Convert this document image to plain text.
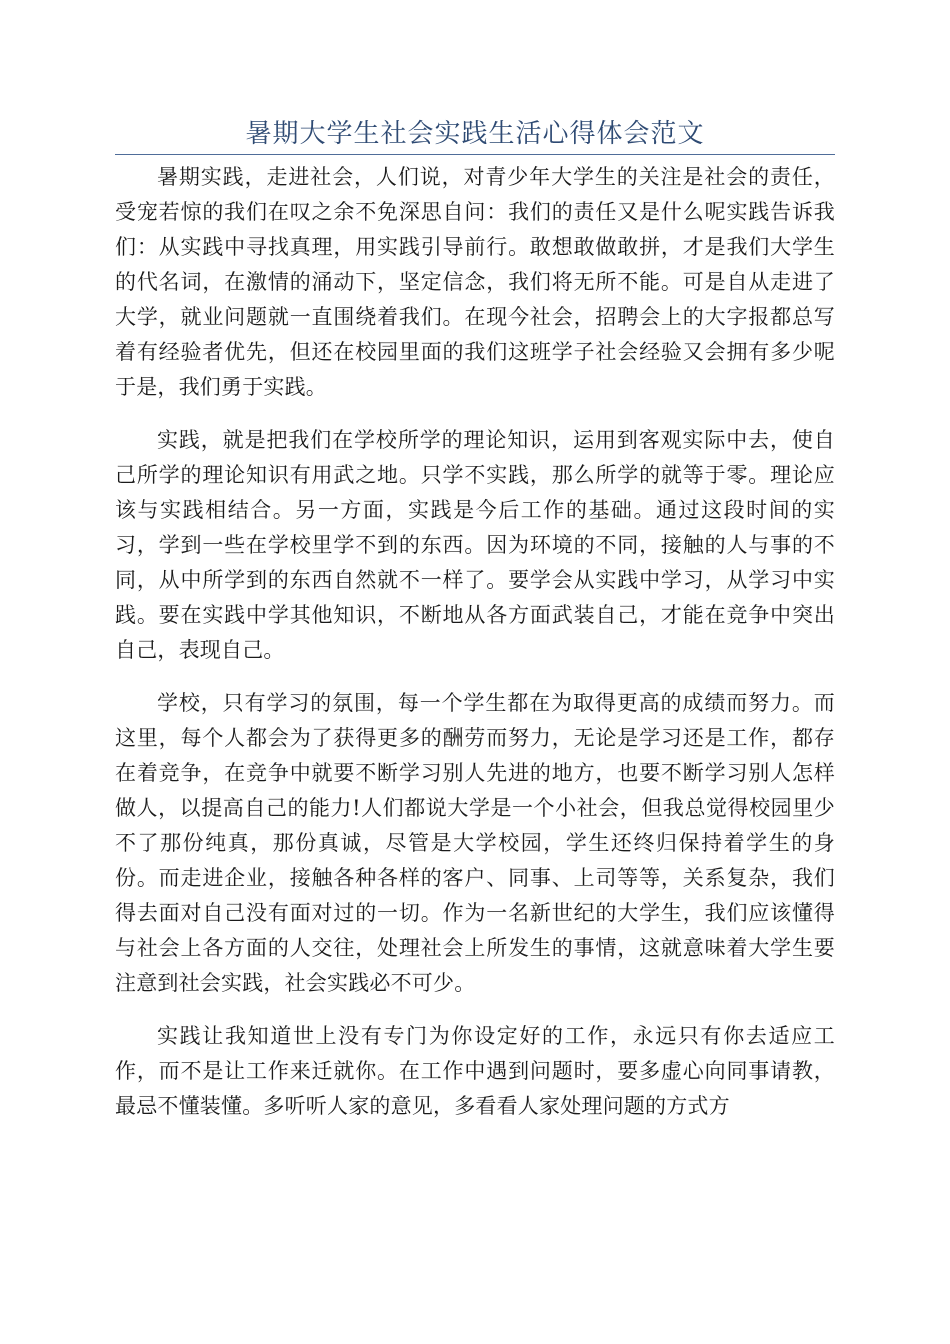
暑期大学生社会实践生活心得体会范文

暑期实践，走进社会，人们说，对青少年大学生的关注是社会的责任，受宠若惊的我们在叹之余不免深思自问：我们的责任又是什么呢实践告诉我们：从实践中寻找真理，用实践引导前行。敢想敢做敢拼，才是我们大学生的代名词，在激情的涌动下，坚定信念，我们将无所不能。可是自从走进了大学，就业问题就一直围绕着我们。在现今社会，招聘会上的大字报都总写着有经验者优先，但还在校园里面的我们这班学子社会经验又会拥有多少呢于是，我们勇于实践。

实践，就是把我们在学校所学的理论知识，运用到客观实际中去，使自己所学的理论知识有用武之地。只学不实践，那么所学的就等于零。理论应该与实践相结合。另一方面，实践是今后工作的基础。通过这段时间的实习，学到一些在学校里学不到的东西。因为环境的不同，接触的人与事的不同，从中所学到的东西自然就不一样了。要学会从实践中学习，从学习中实践。要在实践中学其他知识，不断地从各方面武装自己，才能在竞争中突出自己，表现自己。

学校，只有学习的氛围，每一个学生都在为取得更高的成绩而努力。而这里，每个人都会为了获得更多的酬劳而努力，无论是学习还是工作，都存在着竞争，在竞争中就要不断学习别人先进的地方，也要不断学习别人怎样做人，以提高自己的能力!人们都说大学是一个小社会，但我总觉得校园里少不了那份纯真，那份真诚，尽管是大学校园，学生还终归保持着学生的身份。而走进企业，接触各种各样的客户、同事、上司等等，关系复杂，我们得去面对自己没有面对过的一切。作为一名新世纪的大学生，我们应该懂得与社会上各方面的人交往，处理社会上所发生的事情，这就意味着大学生要注意到社会实践，社会实践必不可少。

实践让我知道世上没有专门为你设定好的工作，永远只有你去适应工作，而不是让工作来迁就你。在工作中遇到问题时，要多虚心向同事请教，最忌不懂装懂。多听听人家的意见，多看看人家处理问题的方式方
